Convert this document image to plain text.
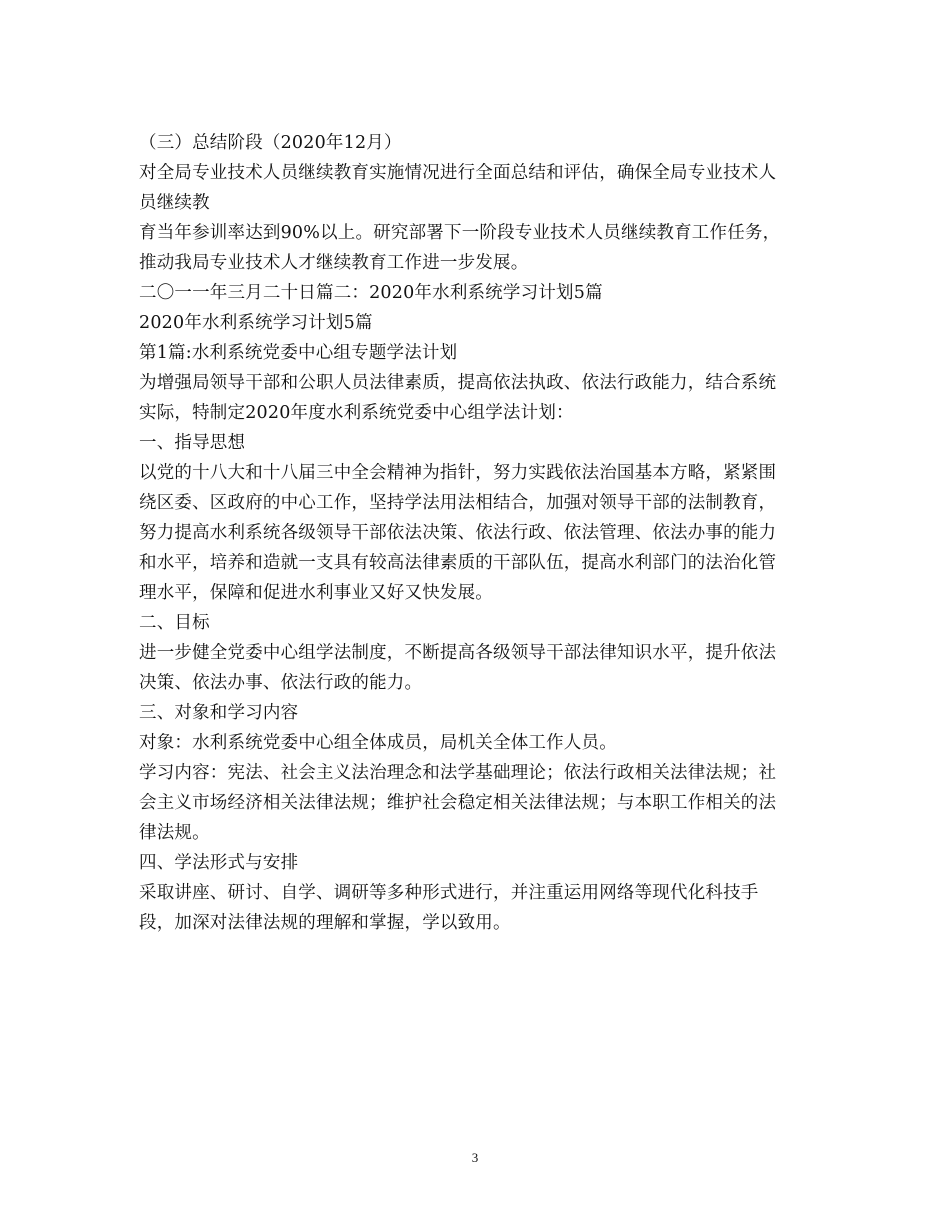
（三）总结阶段（2020年12月）

对全局专业技术人员继续教育实施情况进行全面总结和评估，确保全局专业技术人

员继续教

育当年参训率达到90%以上。研究部署下一阶段专业技术人员继续教育工作任务，

推动我局专业技术人才继续教育工作进一步发展。

二〇一一年三月二十日篇二：2020年水利系统学习计划5篇

2020年水利系统学习计划5篇

第1篇:水利系统党委中心组专题学法计划

为增强局领导干部和公职人员法律素质，提高依法执政、依法行政能力，结合系统

实际，特制定2020年度水利系统党委中心组学法计划：

一、指导思想

以党的十八大和十八届三中全会精神为指针，努力实践依法治国基本方略，紧紧围

绕区委、区政府的中心工作，坚持学法用法相结合，加强对领导干部的法制教育，

努力提高水利系统各级领导干部依法决策、依法行政、依法管理、依法办事的能力

和水平，培养和造就一支具有较高法律素质的干部队伍，提高水利部门的法治化管

理水平，保障和促进水利事业又好又快发展。

二、目标

进一步健全党委中心组学法制度，不断提高各级领导干部法律知识水平，提升依法

决策、依法办事、依法行政的能力。

三、对象和学习内容

对象：水利系统党委中心组全体成员，局机关全体工作人员。

学习内容：宪法、社会主义法治理念和法学基础理论；依法行政相关法律法规；社

会主义市场经济相关法律法规；维护社会稳定相关法律法规；与本职工作相关的法

律法规。

四、学法形式与安排

采取讲座、研讨、自学、调研等多种形式进行，并注重运用网络等现代化科技手

段，加深对法律法规的理解和掌握，学以致用。

3
